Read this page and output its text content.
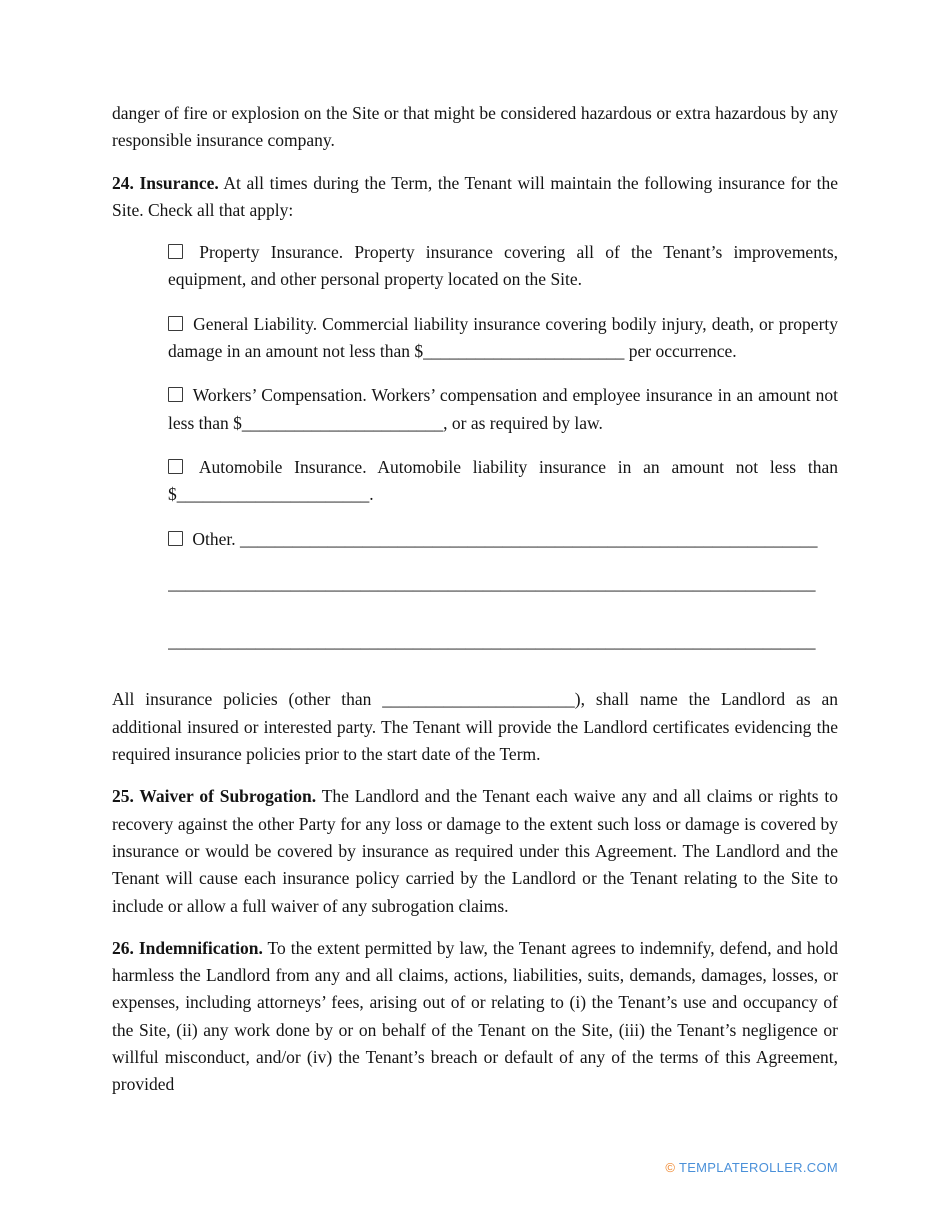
danger of fire or explosion on the Site or that might be considered hazardous or extra hazardous by any responsible insurance company.

24. Insurance. At all times during the Term, the Tenant will maintain the following insurance for the Site. Check all that apply:

Property Insurance. Property insurance covering all of the Tenant’s improvements, equipment, and other personal property located on the Site.
General Liability. Commercial liability insurance covering bodily injury, death, or property damage in an amount not less than $_______________________ per occurrence.
Workers’ Compensation. Workers’ compensation and employee insurance in an amount not less than $_______________________, or as required by law.
Automobile Insurance. Automobile liability insurance in an amount not less than $______________________.
Other. __________________________________________________________________
__________________________________________________________________________
__________________________________________________________________________

All insurance policies (other than ______________________), shall name the Landlord as an additional insured or interested party. The Tenant will provide the Landlord certificates evidencing the required insurance policies prior to the start date of the Term.

25. Waiver of Subrogation. The Landlord and the Tenant each waive any and all claims or rights to recovery against the other Party for any loss or damage to the extent such loss or damage is covered by insurance or would be covered by insurance as required under this Agreement. The Landlord and the Tenant will cause each insurance policy carried by the Landlord or the Tenant relating to the Site to include or allow a full waiver of any subrogation claims.

26. Indemnification. To the extent permitted by law, the Tenant agrees to indemnify, defend, and hold harmless the Landlord from any and all claims, actions, liabilities, suits, demands, damages, losses, or expenses, including attorneys’ fees, arising out of or relating to (i) the Tenant’s use and occupancy of the Site, (ii) any work done by or on behalf of the Tenant on the Site, (iii) the Tenant’s negligence or willful misconduct, and/or (iv) the Tenant’s breach or default of any of the terms of this Agreement, provided

© TEMPLATEROLLER.COM
